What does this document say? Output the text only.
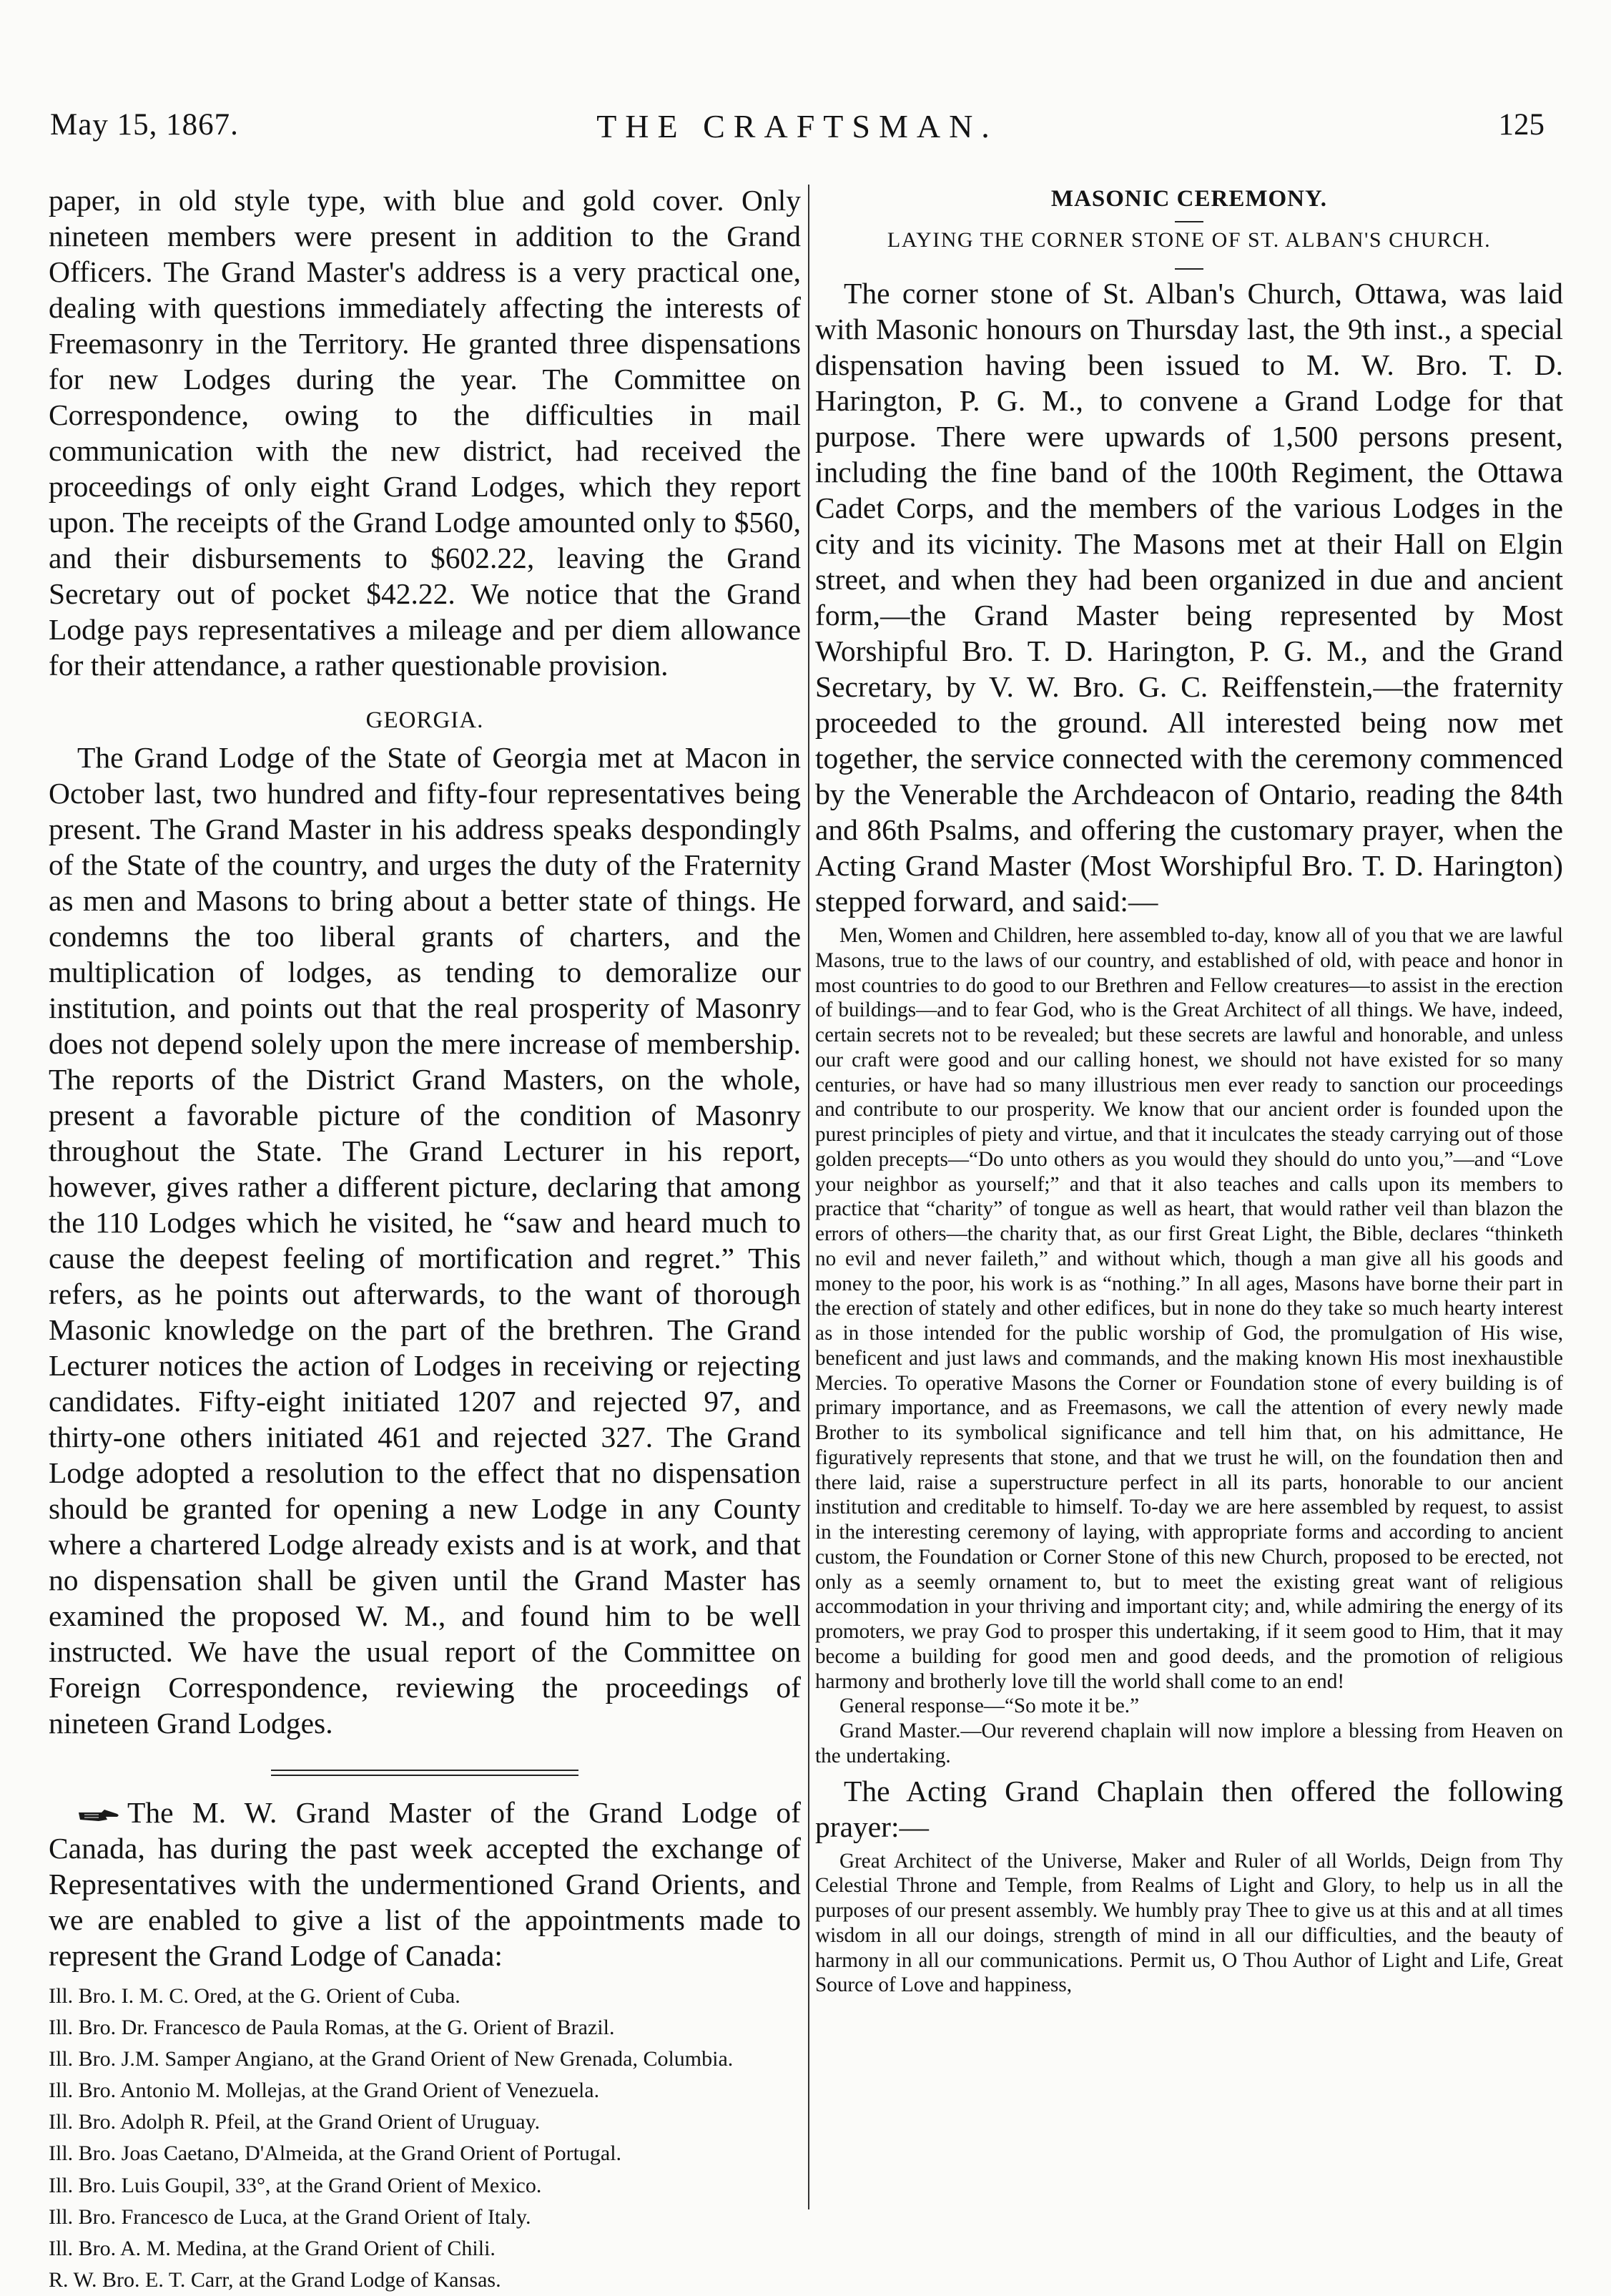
May 15, 1867.	THE CRAFTSMAN.	125

paper, in old style type, with blue and gold cover. Only nineteen members were present in addition to the Grand Officers. The Grand Master's address is a very practical one, dealing with questions immediately affecting the interests of Freemasonry in the Territory. He granted three dispensations for new Lodges during the year. The Committee on Correspondence, owing to the difficulties in mail communication with the new district, had received the proceedings of only eight Grand Lodges, which they report upon. The receipts of the Grand Lodge amounted only to $560, and their disbursements to $602.22, leaving the Grand Secretary out of pocket $42.22. We notice that the Grand Lodge pays representatives a mileage and per diem allowance for their attendance, a rather questionable provision.

GEORGIA.

The Grand Lodge of the State of Georgia met at Macon in October last, two hundred and fifty-four representatives being present. The Grand Master in his address speaks despondingly of the State of the country, and urges the duty of the Fraternity as men and Masons to bring about a better state of things. He condemns the too liberal grants of charters, and the multiplication of lodges, as tending to demoralize our institution, and points out that the real prosperity of Masonry does not depend solely upon the mere increase of membership. The reports of the District Grand Masters, on the whole, present a favorable picture of the condition of Masonry throughout the State. The Grand Lecturer in his report, however, gives rather a different picture, declaring that among the 110 Lodges which he visited, he “saw and heard much to cause the deepest feeling of mortification and regret.” This refers, as he points out afterwards, to the want of thorough Masonic knowledge on the part of the brethren. The Grand Lecturer notices the action of Lodges in receiving or rejecting candidates. Fifty-eight initiated 1207 and rejected 97, and thirty-one others initiated 461 and rejected 327. The Grand Lodge adopted a resolution to the effect that no dispensation should be granted for opening a new Lodge in any County where a chartered Lodge already exists and is at work, and that no dispensation shall be given until the Grand Master has examined the proposed W. M., and found him to be well instructed. We have the usual report of the Committee on Foreign Correspondence, reviewing the proceedings of nineteen Grand Lodges.

The M. W. Grand Master of the Grand Lodge of Canada, has during the past week accepted the exchange of Representatives with the undermentioned Grand Orients, and we are enabled to give a list of the appointments made to represent the Grand Lodge of Canada:

Ill. Bro. I. M. C. Ored, at the G. Orient of Cuba.
Ill. Bro. Dr. Francesco de Paula Romas, at the G. Orient of Brazil.
Ill. Bro. J.M. Samper Angiano, at the Grand Orient of New Grenada, Columbia.
Ill. Bro. Antonio M. Mollejas, at the Grand Orient of Venezuela.
Ill. Bro. Adolph R. Pfeil, at the Grand Orient of Uruguay.
Ill. Bro. Joas Caetano, D'Almeida, at the Grand Orient of Portugal.
Ill. Bro. Luis Goupil, 33°, at the Grand Orient of Mexico.
Ill. Bro. Francesco de Luca, at the Grand Orient of Italy.
Ill. Bro. A. M. Medina, at the Grand Orient of Chili.
R. W. Bro. E. T. Carr, at the Grand Lodge of Kansas.
MASONIC CEREMONY.
LAYING THE CORNER STONE OF ST. ALBAN'S CHURCH.

The corner stone of St. Alban's Church, Ottawa, was laid with Masonic honours on Thursday last, the 9th inst., a special dispensation having been issued to M. W. Bro. T. D. Harington, P. G. M., to convene a Grand Lodge for that purpose. There were upwards of 1,500 persons present, including the fine band of the 100th Regiment, the Ottawa Cadet Corps, and the members of the various Lodges in the city and its vicinity. The Masons met at their Hall on Elgin street, and when they had been organized in due and ancient form,—the Grand Master being represented by Most Worshipful Bro. T. D. Harington, P. G. M., and the Grand Secretary, by V. W. Bro. G. C. Reiffenstein,—the fraternity proceeded to the ground. All interested being now met together, the service connected with the ceremony commenced by the Venerable the Archdeacon of Ontario, reading the 84th and 86th Psalms, and offering the customary prayer, when the Acting Grand Master (Most Worshipful Bro. T. D. Harington) stepped forward, and said:—

Men, Women and Children, here assembled to-day, know all of you that we are lawful Masons, true to the laws of our country, and established of old, with peace and honor in most countries to do good to our Brethren and Fellow creatures—to assist in the erection of buildings—and to fear God, who is the Great Architect of all things. We have, indeed, certain secrets not to be revealed; but these secrets are lawful and honorable, and unless our craft were good and our calling honest, we should not have existed for so many centuries, or have had so many illustrious men ever ready to sanction our proceedings and contribute to our prosperity. We know that our ancient order is founded upon the purest principles of piety and virtue, and that it inculcates the steady carrying out of those golden precepts—“Do unto others as you would they should do unto you,”—and “Love your neighbor as yourself;” and that it also teaches and calls upon its members to practice that “charity” of tongue as well as heart, that would rather veil than blazon the errors of others—the charity that, as our first Great Light, the Bible, declares “thinketh no evil and never faileth,” and without which, though a man give all his goods and money to the poor, his work is as “nothing.” In all ages, Masons have borne their part in the erection of stately and other edifices, but in none do they take so much hearty interest as in those intended for the public worship of God, the promulgation of His wise, beneficent and just laws and commands, and the making known His most inexhaustible Mercies. To operative Masons the Corner or Foundation stone of every building is of primary importance, and as Freemasons, we call the attention of every newly made Brother to its symbolical significance and tell him that, on his admittance, He figuratively represents that stone, and that we trust he will, on the foundation then and there laid, raise a superstructure perfect in all its parts, honorable to our ancient institution and creditable to himself. To-day we are here assembled by request, to assist in the interesting ceremony of laying, with appropriate forms and according to ancient custom, the Foundation or Corner Stone of this new Church, proposed to be erected, not only as a seemly ornament to, but to meet the existing great want of religious accommodation in your thriving and important city; and, while admiring the energy of its promoters, we pray God to prosper this undertaking, if it seem good to Him, that it may become a building for good men and good deeds, and the promotion of religious harmony and brotherly love till the world shall come to an end!

General response—“So mote it be.”

Grand Master.—Our reverend chaplain will now implore a blessing from Heaven on the undertaking.

The Acting Grand Chaplain then offered the following prayer:—

Great Architect of the Universe, Maker and Ruler of all Worlds, Deign from Thy Celestial Throne and Temple, from Realms of Light and Glory, to help us in all the purposes of our present assembly. We humbly pray Thee to give us at this and at all times wisdom in all our doings, strength of mind in all our difficulties, and the beauty of harmony in all our communications. Permit us, O Thou Author of Light and Life, Great Source of Love and happiness,
